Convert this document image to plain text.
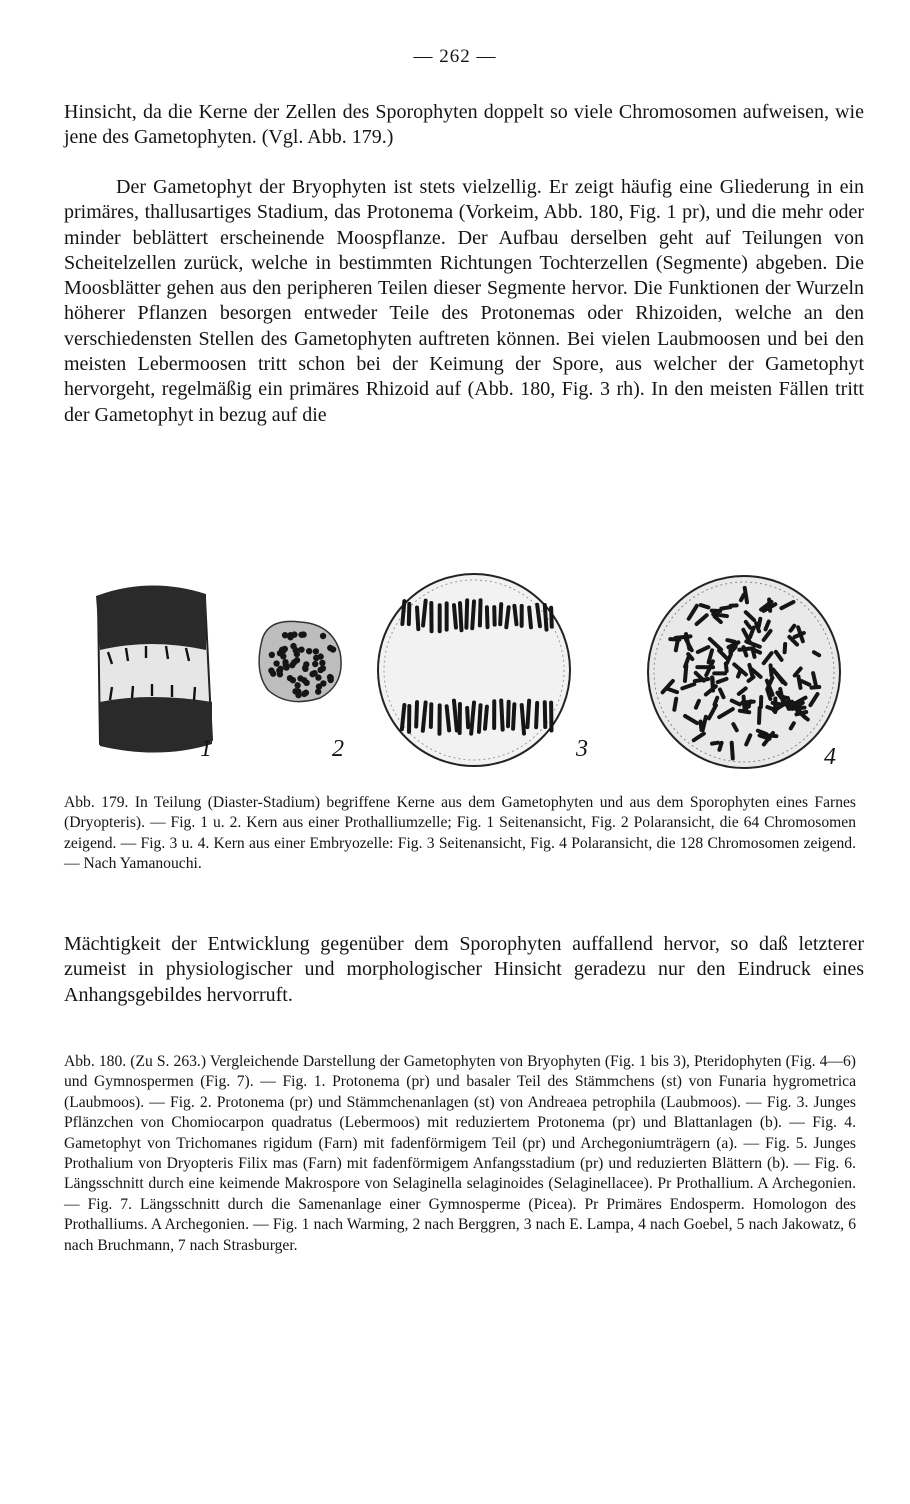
— 262 —

Hinsicht, da die Kerne der Zellen des Sporophyten doppelt so viele Chromosomen aufweisen, wie jene des Gametophyten. (Vgl. Abb. 179.)

Der Gametophyt der Bryophyten ist stets vielzellig. Er zeigt häufig eine Gliederung in ein primäres, thallusartiges Stadium, das Protonema (Vorkeim, Abb. 180, Fig. 1 pr), und die mehr oder minder beblättert erscheinende Moospflanze. Der Aufbau derselben geht auf Teilungen von Scheitelzellen zurück, welche in bestimmten Richtungen Tochterzellen (Segmente) abgeben. Die Moosblätter gehen aus den peripheren Teilen dieser Segmente hervor. Die Funktionen der Wurzeln höherer Pflanzen besorgen entweder Teile des Protonemas oder Rhizoiden, welche an den verschiedensten Stellen des Gametophyten auftreten können. Bei vielen Laubmoosen und bei den meisten Lebermoosen tritt schon bei der Keimung der Spore, aus welcher der Gametophyt hervorgeht, regelmäßig ein primäres Rhizoid auf (Abb. 180, Fig. 3 rh). In den meisten Fällen tritt der Gametophyt in bezug auf die

1	2	3	4

Abb. 179. In Teilung (Diaster-Stadium) begriffene Kerne aus dem Gametophyten und aus dem Sporophyten eines Farnes (Dryopteris). — Fig. 1 u. 2. Kern aus einer Prothalliumzelle; Fig. 1 Seitenansicht, Fig. 2 Polaransicht, die 64 Chromosomen zeigend. — Fig. 3 u. 4. Kern aus einer Embryozelle: Fig. 3 Seitenansicht, Fig. 4 Polaransicht, die 128 Chromosomen zeigend. — Nach Yamanouchi.

Mächtigkeit der Entwicklung gegenüber dem Sporophyten auffallend hervor, so daß letzterer zumeist in physiologischer und morphologischer Hinsicht geradezu nur den Eindruck eines Anhangsgebildes hervorruft.

Abb. 180. (Zu S. 263.) Vergleichende Darstellung der Gametophyten von Bryophyten (Fig. 1 bis 3), Pteridophyten (Fig. 4—6) und Gymnospermen (Fig. 7). — Fig. 1. Protonema (pr) und basaler Teil des Stämmchens (st) von Funaria hygrometrica (Laubmoos). — Fig. 2. Protonema (pr) und Stämmchenanlagen (st) von Andreaea petrophila (Laubmoos). — Fig. 3. Junges Pflänzchen von Chomiocarpon quadratus (Lebermoos) mit reduziertem Protonema (pr) und Blattanlagen (b). — Fig. 4. Gametophyt von Trichomanes rigidum (Farn) mit fadenförmigem Teil (pr) und Archegoniumträgern (a). — Fig. 5. Junges Prothalium von Dryopteris Filix mas (Farn) mit fadenförmigem Anfangsstadium (pr) und reduzierten Blättern (b). — Fig. 6. Längsschnitt durch eine keimende Makrospore von Selaginella selaginoides (Selaginellacee). Pr Prothallium. A Archegonien. — Fig. 7. Längsschnitt durch die Samenanlage einer Gymnosperme (Picea). Pr Primäres Endosperm. Homologon des Prothalliums. A Archegonien. — Fig. 1 nach Warming, 2 nach Berggren, 3 nach E. Lampa, 4 nach Goebel, 5 nach Jakowatz, 6 nach Bruchmann, 7 nach Strasburger.
